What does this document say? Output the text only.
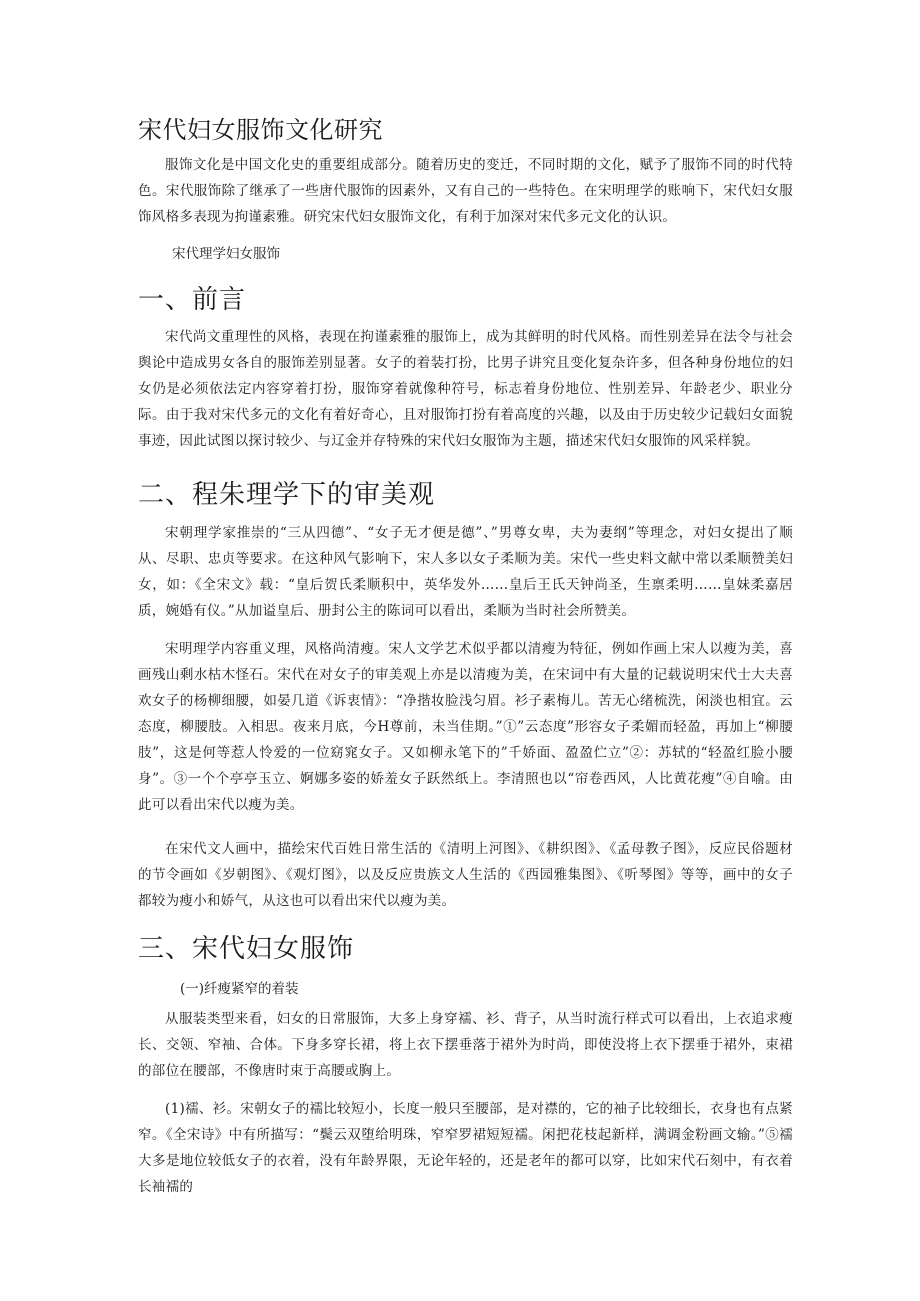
宋代妇女服饰文化研究

服饰文化是中国文化史的重要组成部分。随着历史的变迁，不同时期的文化，赋予了服饰不同的时代特色。宋代服饰除了继承了一些唐代服饰的因素外，又有自己的一些特色。在宋明理学的账响下，宋代妇女服饰风格多表现为拘谨素雅。研究宋代妇女服饰文化，有利于加深对宋代多元文化的认识。

宋代理学妇女服饰

一、前言

宋代尚文重理性的风格，表现在拘谨素雅的服饰上，成为其鲜明的时代风格。而性别差异在法令与社会舆论中造成男女各自的服饰差别显著。女子的着装打扮，比男子讲究且变化复杂许多，但各种身份地位的妇女仍是必须依法定内容穿着打扮，服饰穿着就像种符号，标志着身份地位、性别差异、年龄老少、职业分际。由于我对宋代多元的文化有着好奇心，且对服饰打扮有着高度的兴趣，以及由于历史较少记载妇女面貌事迹，因此试图以探讨较少、与辽金并存特殊的宋代妇女服饰为主题，描述宋代妇女服饰的风采样貌。

二、程朱理学下的审美观

宋朝理学家推崇的“三从四德”、“女子无才便是德”、”男尊女卑，夫为妻纲”等理念，对妇女提出了顺从、尽职、忠贞等要求。在这种风气影响下，宋人多以女子柔顺为美。宋代一些史料文献中常以柔顺赞美妇女，如：《全宋文》载：“皇后贺氏柔顺积中，英华发外……皇后王氏天钟尚圣，生禀柔明……皇妹柔嘉居质，婉婚有仪。”从加谥皇后、册封公主的陈词可以看出，柔顺为当时社会所赞美。

宋明理学内容重义理，风格尚清瘦。宋人文学艺术似乎都以清瘦为特征，例如作画上宋人以瘦为美，喜画残山剩水枯木怪石。宋代在对女子的审美观上亦是以清瘦为美，在宋词中有大量的记载说明宋代士大夫喜欢女子的杨柳细腰，如晏几道《诉衷情》：“净揩妆脸浅匀眉。衫子素梅儿。苦无心绪梳洗，闲淡也相宜。云态度，柳腰肢。入相思。夜来月底，今H尊前，未当佳期。”①”云态度”形容女子柔媚而轻盈，再加上“柳腰肢”，这是何等惹人怜爱的一位窈窕女子。又如柳永笔下的”千娇面、盈盈伫立”②：苏轼的“轻盈红脸小腰身”。③一个个亭亭玉立、婀娜多姿的娇羞女子跃然纸上。李清照也以“帘卷西风，人比黄花瘦”④自喻。由此可以看出宋代以瘦为美。

在宋代文人画中，描绘宋代百姓日常生活的《清明上河图》、《耕织图》、《孟母教子图》，反应民俗题材的节令画如《岁朝图》、《观灯图》，以及反应贵族文人生活的《西园雅集图》、《听琴图》等等，画中的女子都较为瘦小和娇气，从这也可以看出宋代以瘦为美。

三、宋代妇女服饰

(一)纤瘦紧窄的着装

从服装类型来看，妇女的日常服饰，大多上身穿襦、衫、背子，从当时流行样式可以看出，上衣追求瘦长、交领、窄袖、合体。下身多穿长裙，将上衣下摆垂落于裙外为时尚，即使没将上衣下摆垂于裙外，束裙的部位在腰部，不像唐时束于高腰或胸上。

(1)襦、衫。宋朝女子的襦比较短小，长度一般只至腰部，是对襟的，它的袖子比较细长，衣身也有点紧窄。《全宋诗》中有所描写：“鬓云双堕给明珠，窄窄罗裙短短襦。闲把花枝起新样，满调金粉画文输。”⑤襦大多是地位较低女子的衣着，没有年龄界限，无论年轻的，还是老年的都可以穿，比如宋代石刻中，有衣着长袖襦的
